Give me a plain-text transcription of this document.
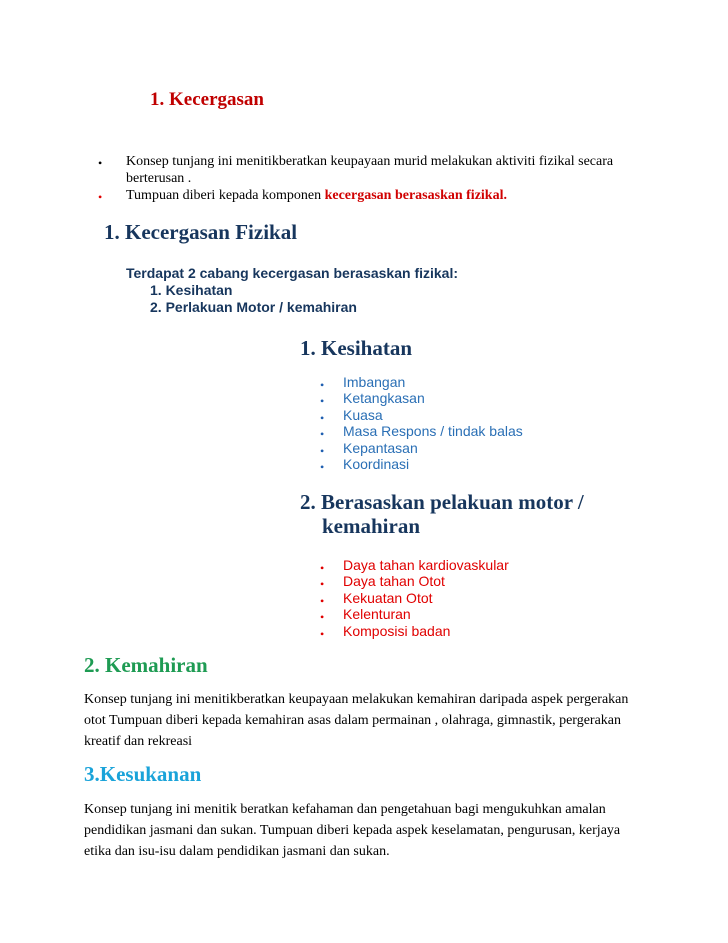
1. Kecergasan
• Konsep tunjang ini menitikberatkan keupayaan murid melakukan aktiviti fizikal secara
berterusan .
• Tumpuan diberi kepada komponen kecergasan berasaskan fizikal.
1. Kecergasan Fizikal
Terdapat 2 cabang kecergasan berasaskan fizikal:
1. Kesihatan
2. Perlakuan Motor / kemahiran
1. Kesihatan
• Imbangan
• Ketangkasan
• Kuasa
• Masa Respons / tindak balas
• Kepantasan
• Koordinasi
2. Berasaskan pelakuan motor /
kemahiran
• Daya tahan kardiovaskular
• Daya tahan Otot
• Kekuatan Otot
• Kelenturan
• Komposisi badan
2. Kemahiran
Konsep tunjang ini menitikberatkan keupayaan melakukan kemahiran daripada aspek pergerakan
otot Tumpuan diberi kepada kemahiran asas dalam permainan , olahraga, gimnastik, pergerakan
kreatif dan rekreasi
3.Kesukanan
Konsep tunjang ini menitik beratkan kefahaman dan pengetahuan bagi mengukuhkan amalan
pendidikan jasmani dan sukan. Tumpuan diberi kepada aspek keselamatan, pengurusan, kerjaya
etika dan isu-isu dalam pendidikan jasmani dan sukan.
